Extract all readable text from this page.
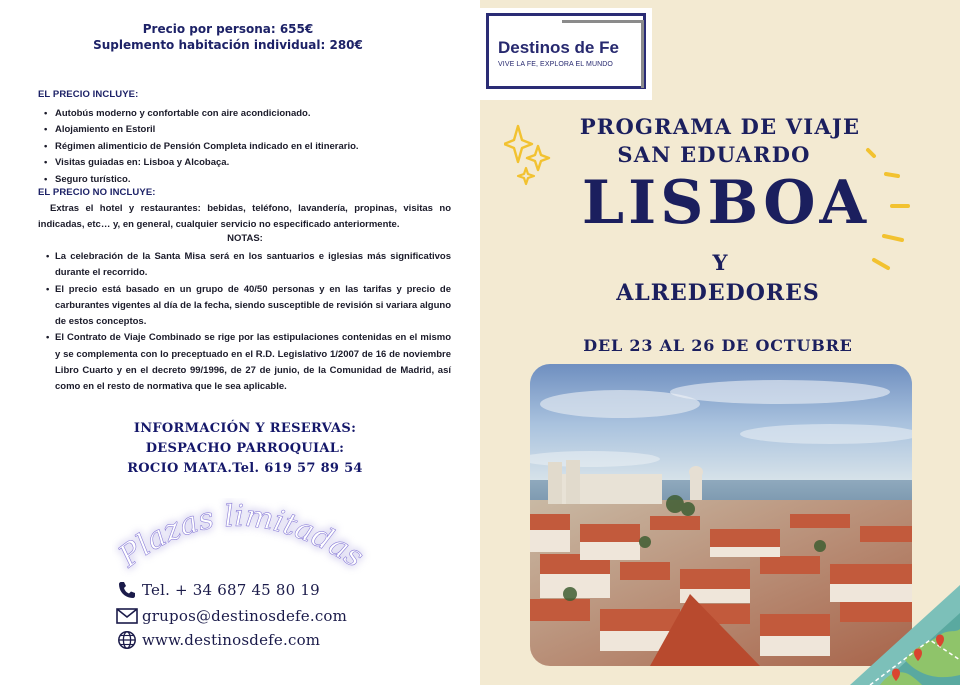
Precio por persona: 655€
Suplemento habitación individual: 280€
EL PRECIO INCLUYE:
• Autobús moderno y confortable con aire acondicionado.
• Alojamiento en Estoril
• Régimen alimenticio de Pensión Completa indicado en el itinerario.
• Visitas guiadas en: Lisboa y Alcobaça.
• Seguro turístico.
EL PRECIO NO INCLUYE:
Extras el hotel y restaurantes: bebidas, teléfono, lavandería, propinas, visitas no indicadas, etc… y, en general, cualquier servicio no especificado anteriormente.
NOTAS:
• La celebración de la Santa Misa será en los santuarios e iglesias más significativos durante el recorrido.
• El precio está basado en un grupo de 40/50 personas y en las tarifas y precio de carburantes vigentes al día de la fecha, siendo susceptible de revisión si variara alguno de estos conceptos.
• El Contrato de Viaje Combinado se rige por las estipulaciones contenidas en el mismo y se complementa con lo preceptuado en el R.D. Legislativo 1/2007 de 16 de noviembre Libro Cuarto y en el decreto 99/1996, de 27 de junio, de la Comunidad de Madrid, así como en el resto de normativa que le sea aplicable.
INFORMACIÓN Y RESERVAS:
DESPACHO PARROQUIAL:
ROCIO MATA.Tel. 619 57 89 54
Plazas limitadas
Tel. + 34 687 45 80 19
grupos@destinosdefe.com
www.destinosdefe.com
Destinos de Fe
VIVE LA FE, EXPLORA EL MUNDO
PROGRAMA DE VIAJE
SAN EDUARDO
LISBOA
Y
ALREDEDORES
DEL 23 AL 26 DE OCTUBRE
